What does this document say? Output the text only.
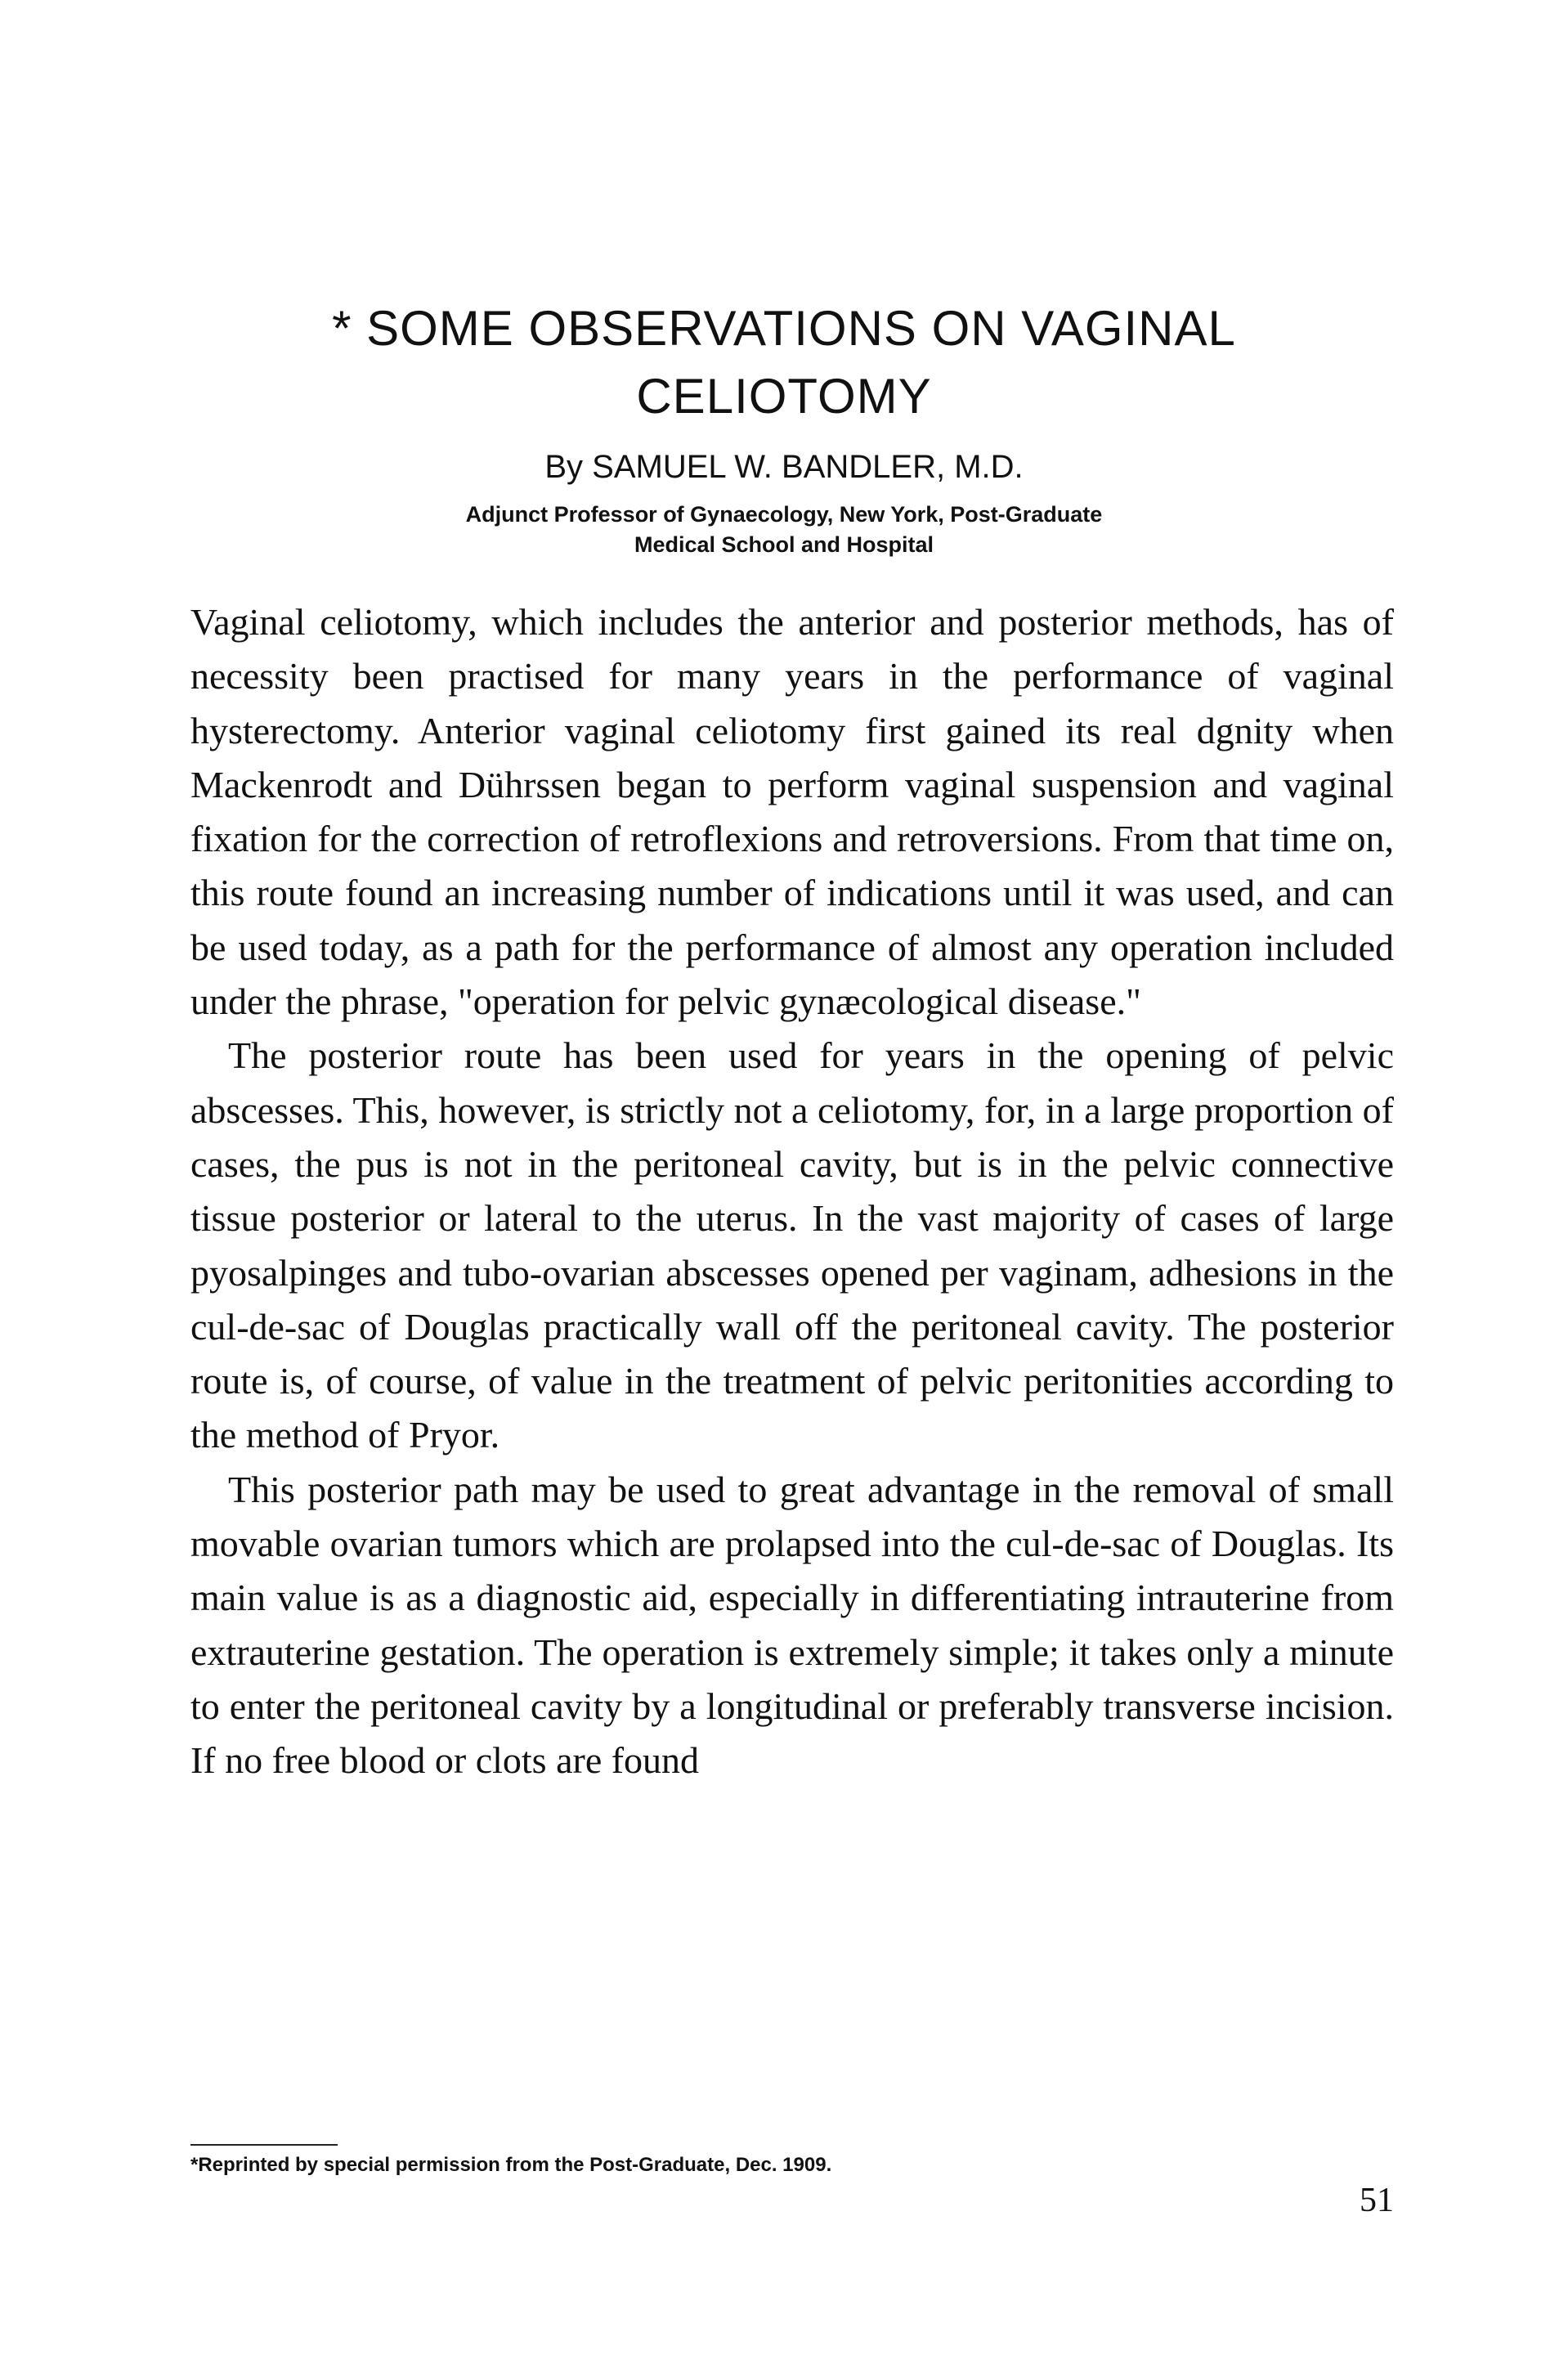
* SOME OBSERVATIONS ON VAGINAL
CELIOTOMY
By SAMUEL W. BANDLER, M.D.
Adjunct Professor of Gynaecology, New York, Post-Graduate
Medical School and Hospital

Vaginal celiotomy, which includes the anterior and posterior methods, has of necessity been practised for many years in the performance of vaginal hysterectomy. Anterior vaginal celiotomy first gained its real dgnity when Mackenrodt and Dührssen began to perform vaginal suspension and vaginal fixation for the correction of retroflexions and retroversions. From that time on, this route found an increasing number of indications until it was used, and can be used today, as a path for the performance of almost any operation included under the phrase, "operation for pelvic gynæcological disease."

The posterior route has been used for years in the opening of pelvic abscesses. This, however, is strictly not a celiotomy, for, in a large proportion of cases, the pus is not in the peritoneal cavity, but is in the pelvic connective tissue posterior or lateral to the uterus. In the vast majority of cases of large pyosalpinges and tubo-ovarian abscesses opened per vaginam, adhesions in the cul-de-sac of Douglas practically wall off the peritoneal cavity. The posterior route is, of course, of value in the treatment of pelvic peritonities according to the method of Pryor.

This posterior path may be used to great advantage in the removal of small movable ovarian tumors which are prolapsed into the cul-de-sac of Douglas. Its main value is as a diagnostic aid, especially in differentiating intrauterine from extrauterine gestation. The operation is extremely simple; it takes only a minute to enter the peritoneal cavity by a longitudinal or preferably transverse incision. If no free blood or clots are found

*Reprinted by special permission from the Post-Graduate, Dec. 1909.
51
